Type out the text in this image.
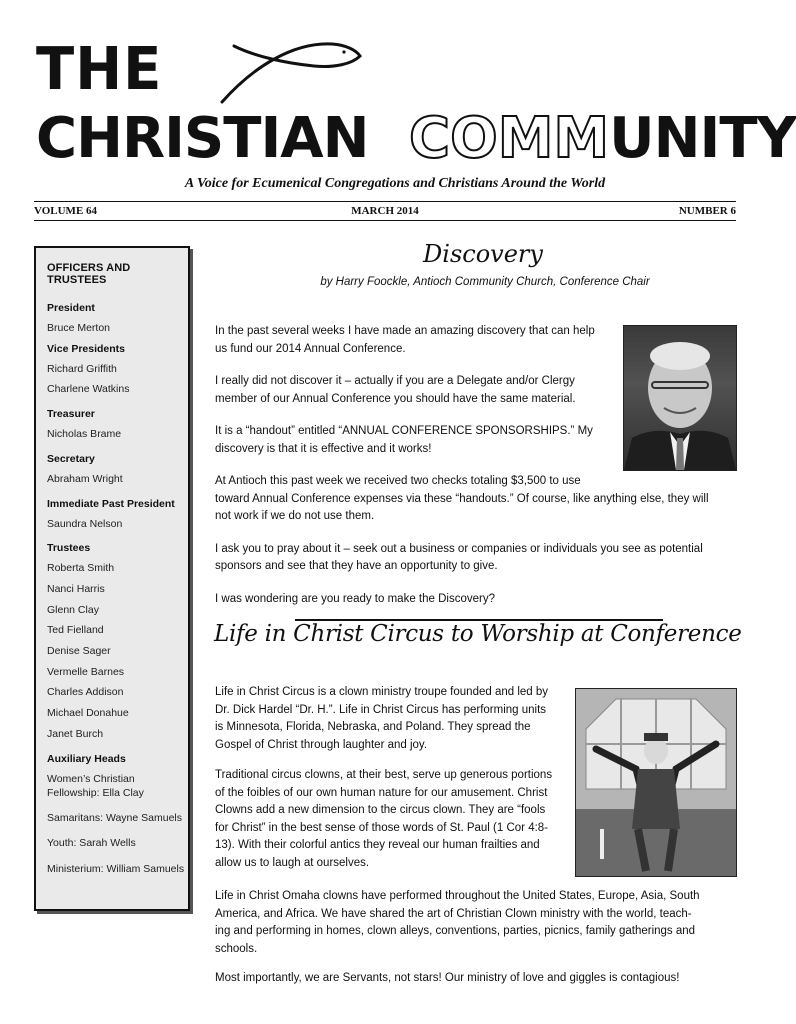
THE
CHRISTIAN COMMUNITY
A Voice for Ecumenical Congregations and Christians Around the World
VOLUME 64	MARCH 2014	NUMBER 6
OFFICERS AND TRUSTEES
President
Bruce Merton
Vice Presidents
Richard Griffith
Charlene Watkins
Treasurer
Nicholas Brame
Secretary
Abraham Wright
Immediate Past President
Saundra Nelson
Trustees
Roberta Smith
Nanci Harris
Glenn Clay
Ted Fielland
Denise Sager
Vermelle Barnes
Charles Addison
Michael Donahue
Janet Burch
Auxiliary Heads
Women’s Christian Fellowship: Ella Clay
Samaritans: Wayne Samuels
Youth: Sarah Wells
Ministerium: William Samuels
Discovery
by Harry Foockle, Antioch Community Church, Conference Chair
In the past several weeks I have made an amazing discovery that can help
us fund our 2014 Annual Conference.
I really did not discover it – actually if you are a Delegate and/or Clergy
member of our Annual Conference you should have the same material.
It is a “handout” entitled “ANNUAL CONFERENCE SPONSORSHIPS.” My
discovery is that it is effective and it works!
At Antioch this past week we received two checks totaling $3,500 to use
toward Annual Conference expenses via these “handouts.” Of course, like anything else, they will
not work if we do not use them.
I ask you to pray about it – seek out a business or companies or individuals you see as potential
sponsors and see that they have an opportunity to give.
I was wondering are you ready to make the Discovery?
Life in Christ Circus to Worship at Conference
Life in Christ Circus is a clown ministry troupe founded and led by
Dr. Dick Hardel “Dr. H.”. Life in Christ Circus has performing units
is Minnesota, Florida, Nebraska, and Poland. They spread the
Gospel of Christ through laughter and joy.
Traditional circus clowns, at their best, serve up generous portions
of the foibles of our own human nature for our amusement. Christ
Clowns add a new dimension to the circus clown. They are “fools
for Christ” in the best sense of those words of St. Paul (1 Cor 4:8-
13). With their colorful antics they reveal our human frailties and
allow us to laugh at ourselves.
Life in Christ Omaha clowns have performed throughout the United States, Europe, Asia, South
America, and Africa. We have shared the art of Christian Clown ministry with the world, teach-
ing and performing in homes, clown alleys, conventions, parties, picnics, family gatherings and
schools.
Most importantly, we are Servants, not stars! Our ministry of love and giggles is contagious!
